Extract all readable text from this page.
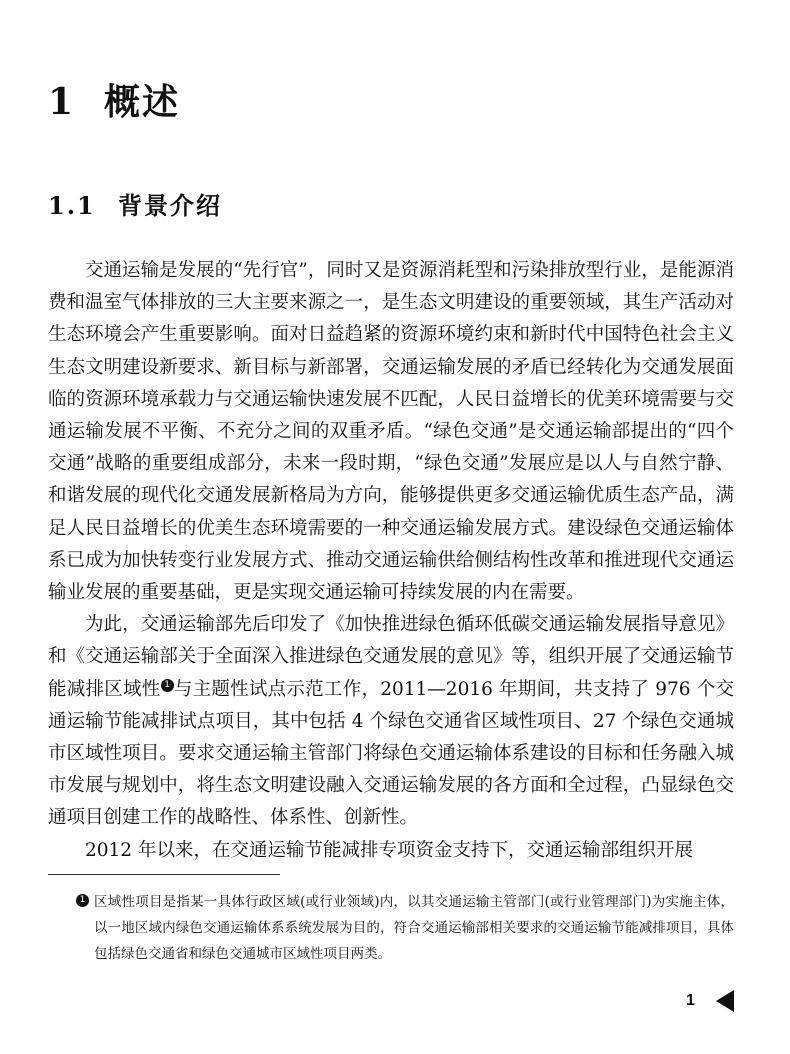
1 概述
1.1 背景介绍

交通运输是发展的“先行官”，同时又是资源消耗型和污染排放型行业，是能源消费和温室气体排放的三大主要来源之一，是生态文明建设的重要领域，其生产活动对生态环境会产生重要影响。面对日益趋紧的资源环境约束和新时代中国特色社会主义生态文明建设新要求、新目标与新部署，交通运输发展的矛盾已经转化为交通发展面临的资源环境承载力与交通运输快速发展不匹配，人民日益增长的优美环境需要与交通运输发展不平衡、不充分之间的双重矛盾。“绿色交通”是交通运输部提出的“四个交通”战略的重要组成部分，未来一段时期，“绿色交通”发展应是以人与自然宁静、和谐发展的现代化交通发展新格局为方向，能够提供更多交通运输优质生态产品，满足人民日益增长的优美生态环境需要的一种交通运输发展方式。建设绿色交通运输体系已成为加快转变行业发展方式、推动交通运输供给侧结构性改革和推进现代交通运输业发展的重要基础，更是实现交通运输可持续发展的内在需要。

为此，交通运输部先后印发了《加快推进绿色循环低碳交通运输发展指导意见》和《交通运输部关于全面深入推进绿色交通发展的意见》等，组织开展了交通运输节能减排区域性 1 与主题性试点示范工作，2011—2016 年期间，共支持了 976 个交通运输节能减排试点项目，其中包括 4 个绿色交通省区域性项目、27 个绿色交通城市区域性项目。要求交通运输主管部门将绿色交通运输体系建设的目标和任务融入城市发展与规划中，将生态文明建设融入交通运输发展的各方面和全过程，凸显绿色交通项目创建工作的战略性、体系性、创新性。

2012 年以来，在交通运输节能减排专项资金支持下，交通运输部组织开展

1 区域性项目是指某一具体行政区域(或行业领域)内，以其交通运输主管部门(或行业管理部门)为实施主体，以一地区域内绿色交通运输体系系统发展为目的，符合交通运输部相关要求的交通运输节能减排项目，具体包括绿色交通省和绿色交通城市区域性项目两类。
1
